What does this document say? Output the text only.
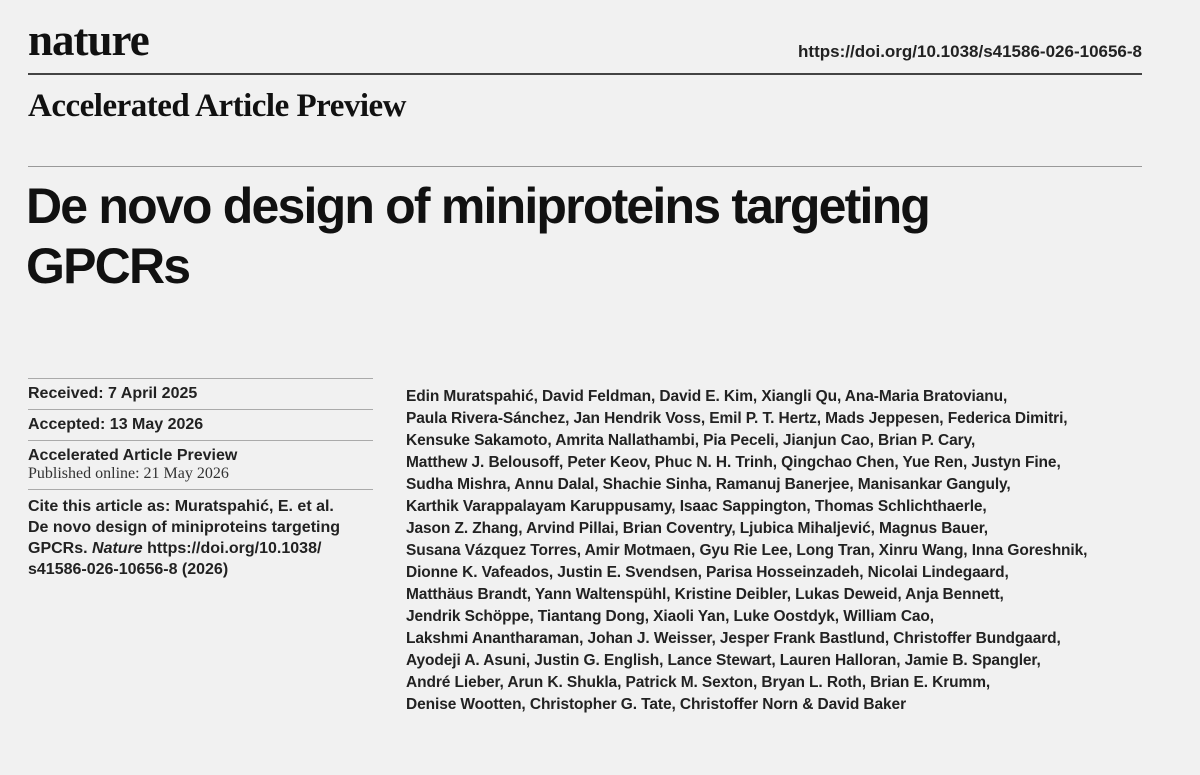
nature	https://doi.org/10.1038/s41586-026-10656-8
Accelerated Article Preview
De novo design of miniproteins targeting
GPCRs
Received: 7 April 2025
Accepted: 13 May 2026
Accelerated Article Preview
Published online: 21 May 2026
Cite this article as: Muratspahić, E. et al.
De novo design of miniproteins targeting
GPCRs. Nature https://doi.org/10.1038/
s41586-026-10656-8 (2026)
Edin Muratspahić, David Feldman, David E. Kim, Xiangli Qu, Ana-Maria Bratovianu,
Paula Rivera-Sánchez, Jan Hendrik Voss, Emil P. T. Hertz, Mads Jeppesen, Federica Dimitri,
Kensuke Sakamoto, Amrita Nallathambi, Pia Peceli, Jianjun Cao, Brian P. Cary,
Matthew J. Belousoff, Peter Keov, Phuc N. H. Trinh, Qingchao Chen, Yue Ren, Justyn Fine,
Sudha Mishra, Annu Dalal, Shachie Sinha, Ramanuj Banerjee, Manisankar Ganguly,
Karthik Varappalayam Karuppusamy, Isaac Sappington, Thomas Schlichthaerle,
Jason Z. Zhang, Arvind Pillai, Brian Coventry, Ljubica Mihaljević, Magnus Bauer,
Susana Vázquez Torres, Amir Motmaen, Gyu Rie Lee, Long Tran, Xinru Wang, Inna Goreshnik,
Dionne K. Vafeados, Justin E. Svendsen, Parisa Hosseinzadeh, Nicolai Lindegaard,
Matthäus Brandt, Yann Waltenspühl, Kristine Deibler, Lukas Deweid, Anja Bennett,
Jendrik Schöppe, Tiantang Dong, Xiaoli Yan, Luke Oostdyk, William Cao,
Lakshmi Anantharaman, Johan J. Weisser, Jesper Frank Bastlund, Christoffer Bundgaard,
Ayodeji A. Asuni, Justin G. English, Lance Stewart, Lauren Halloran, Jamie B. Spangler,
André Lieber, Arun K. Shukla, Patrick M. Sexton, Bryan L. Roth, Brian E. Krumm,
Denise Wootten, Christopher G. Tate, Christoffer Norn & David Baker
